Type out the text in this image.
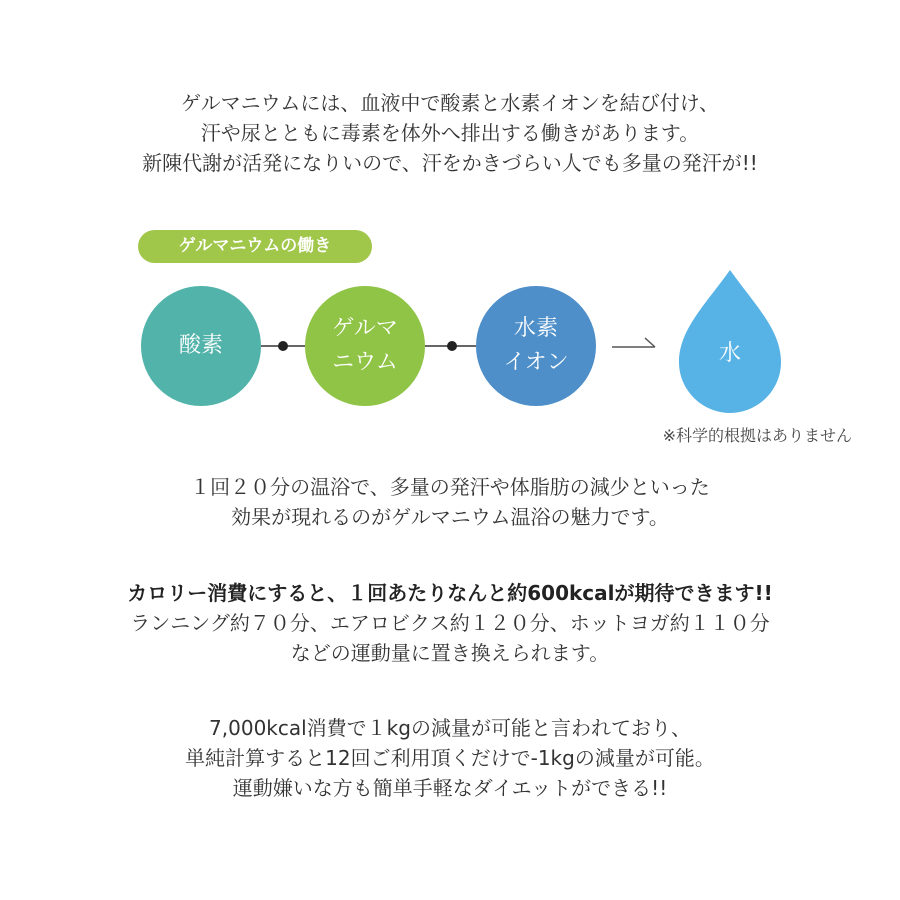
ゲルマニウムには、血液中で酸素と水素イオンを結び付け、
汗や尿とともに毒素を体外へ排出する働きがあります。
新陳代謝が活発になりいので、汗をかきづらい人でも多量の発汗が!!
ゲルマニウムの働き
酸素
ゲルマ
ニウム
水素
イオン	水
※科学的根拠はありません
１回２０分の温浴で、多量の発汗や体脂肪の減少といった
効果が現れるのがゲルマニウム温浴の魅力です。
カロリー消費にすると、１回あたりなんと約600kcalが期待できます!!
ランニング約７０分、エアロビクス約１２０分、ホットヨガ約１１０分
などの運動量に置き換えられます。
7,000kcal消費で１kgの減量が可能と言われており、
単純計算すると12回ご利用頂くだけで-1kgの減量が可能。
運動嫌いな方も簡単手軽なダイエットができる!!
